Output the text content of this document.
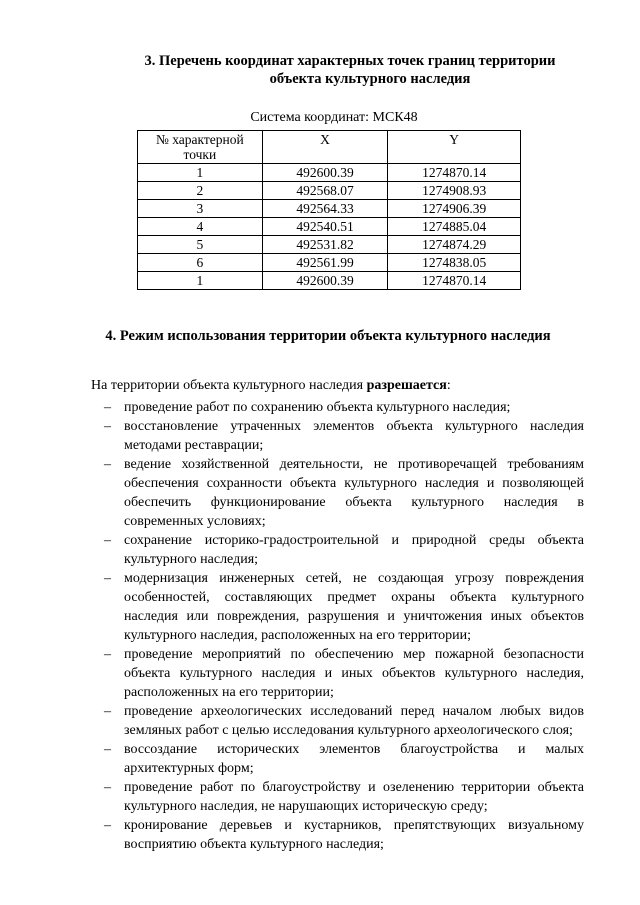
3. Перечень координат характерных точек границ территории
объекта культурного наследия
Система координат: МСК48
№ характерной точки	X	Y
1	492600.39	1274870.14
2	492568.07	1274908.93
3	492564.33	1274906.39
4	492540.51	1274885.04
5	492531.82	1274874.29
6	492561.99	1274838.05
1	492600.39	1274870.14
4. Режим использования территории объекта культурного наследия
На территории объекта культурного наследия разрешается:
– проведение работ по сохранению объекта культурного наследия;
– восстановление утраченных элементов объекта культурного наследия методами реставрации;
– ведение хозяйственной деятельности, не противоречащей требованиям обеспечения сохранности объекта культурного наследия и позволяющей обеспечить функционирование объекта культурного наследия в современных условиях;
– сохранение историко-градостроительной и природной среды объекта культурного наследия;
– модернизация инженерных сетей, не создающая угрозу повреждения особенностей, составляющих предмет охраны объекта культурного наследия или повреждения, разрушения и уничтожения иных объектов культурного наследия, расположенных на его территории;
– проведение мероприятий по обеспечению мер пожарной безопасности объекта культурного наследия и иных объектов культурного наследия, расположенных на его территории;
– проведение археологических исследований перед началом любых видов земляных работ с целью исследования культурного археологического слоя;
– воссоздание исторических элементов благоустройства и малых архитектурных форм;
– проведение работ по благоустройству и озеленению территории объекта культурного наследия, не нарушающих историческую среду;
– кронирование деревьев и кустарников, препятствующих визуальному восприятию объекта культурного наследия;
